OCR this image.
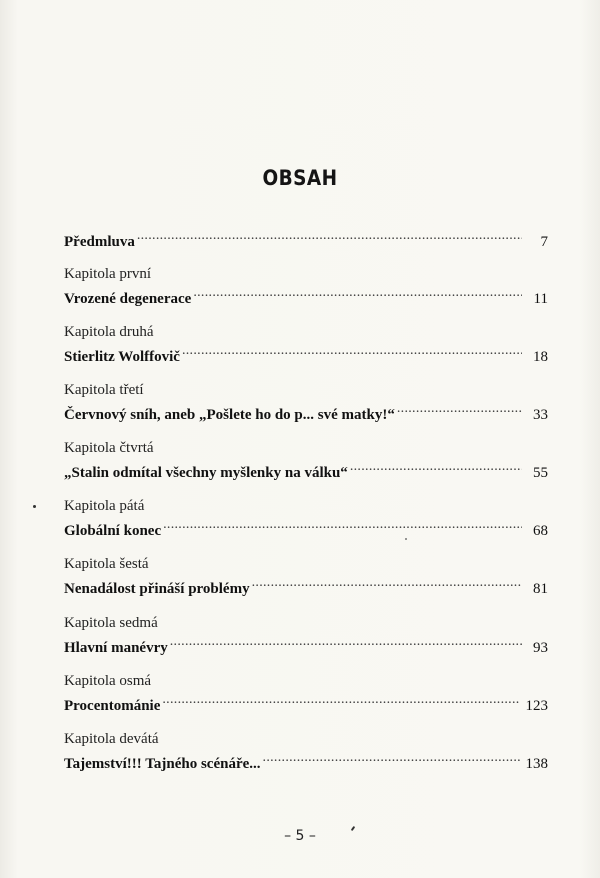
OBSAH
Předmluva . . .	7
Kapitola první
Vrozené degenerace . . .	11
Kapitola druhá
Stierlitz Wolffovič . . .	18
Kapitola třetí
Červnový sníh, aneb „Pošlete ho do p... své matky!“ . . .	33
Kapitola čtvrtá
„Stalin odmítal všechny myšlenky na válku“ . . .	55
Kapitola pátá
Globální konec . . .	68
Kapitola šestá
Nenadálost přináší problémy . . .	81
Kapitola sedmá
Hlavní manévry . . .	93
Kapitola osmá
Procentománie . . .	123
Kapitola devátá
Tajemství!!! Tajného scénáře... . . .	138
– 5 –
